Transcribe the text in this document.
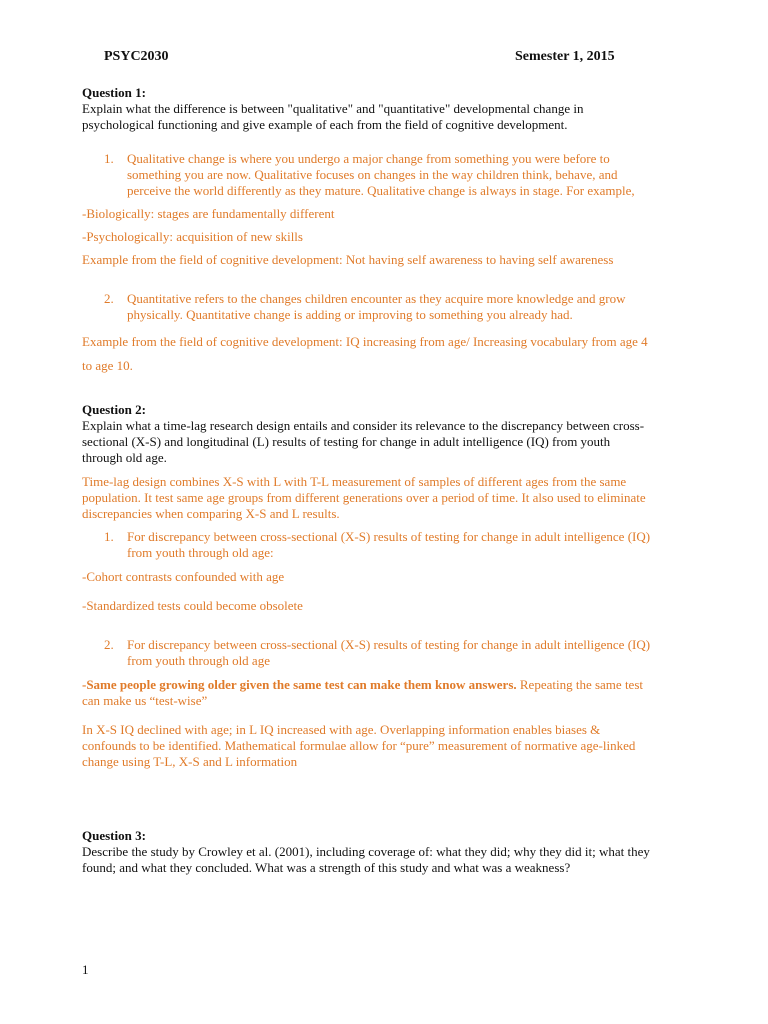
PSYC2030	Semester 1, 2015
Question 1:
Explain what the difference is between "qualitative" and "quantitative" developmental change in
psychological functioning and give example of each from the field of cognitive development.
1. Qualitative change is where you undergo a major change from something you were before to
something you are now. Qualitative focuses on changes in the way children think, behave, and
perceive the world differently as they mature. Qualitative change is always in stage. For example,
-Biologically: stages are fundamentally different
-Psychologically: acquisition of new skills
Example from the field of cognitive development: Not having self awareness to having self awareness
2. Quantitative refers to the changes children encounter as they acquire more knowledge and grow
physically. Quantitative change is adding or improving to something you already had.
Example from the field of cognitive development: IQ increasing from age/ Increasing vocabulary from age 4
to age 10.
Question 2:
Explain what a time-lag research design entails and consider its relevance to the discrepancy between cross-
sectional (X-S) and longitudinal (L) results of testing for change in adult intelligence (IQ) from youth
through old age.
Time-lag design combines X-S with L with T-L measurement of samples of different ages from the same
population. It test same age groups from different generations over a period of time. It also used to eliminate
discrepancies when comparing X-S and L results.
1. For discrepancy between cross-sectional (X-S) results of testing for change in adult intelligence (IQ)
from youth through old age:
-Cohort contrasts confounded with age
-Standardized tests could become obsolete
2. For discrepancy between cross-sectional (X-S) results of testing for change in adult intelligence (IQ)
from youth through old age
-Same people growing older given the same test can make them know answers. Repeating the same test
can make us “test-wise”
In X-S IQ declined with age; in L IQ increased with age. Overlapping information enables biases &
confounds to be identified. Mathematical formulae allow for “pure” measurement of normative age-linked
change using T-L, X-S and L information
Question 3:
Describe the study by Crowley et al. (2001), including coverage of: what they did; why they did it; what they
found; and what they concluded. What was a strength of this study and what was a weakness?
1
